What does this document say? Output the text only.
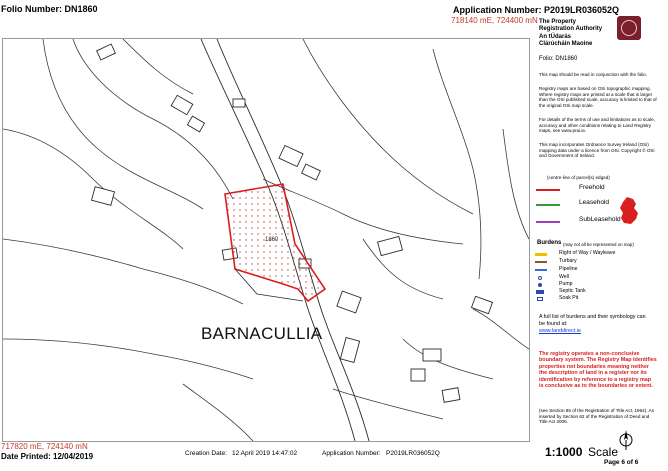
Folio Number: DN1860	Application Number: P2019LR036052Q
718140 mE, 724400 mN
1860
BARNACULLIA
The Property
Registration Authority
An tÚdarás
Clárúcháin Maoine
Folio: DN1860

This map should be read in conjunction with the folio.

Registry maps are based on OSi topographic mapping. Where registry maps are printed at a scale that is larger than the OSi published scale, accuracy is limited to that of the original OSi map scale.

For details of the terms of use and limitations as to scale, accuracy and other conditions relating to Land Registry maps, see www.prai.ie.

This map incorporates Ordnance Survey Ireland (OSi) mapping data under a licence from OSi. Copyright © OSi and Government of Ireland.

(centre-line of parcel(s) edged)

Freehold
Leasehold
SubLeasehold
Burdens (may not all be represented on map)
Right of Way / Wayleave
Turbary
Pipeline
Well
Pump
Septic Tank
Soak Pit

A full list of burdens and their symbology can be found at:

www.landdirect.ie

The registry operates a non-conclusive boundary system. The Registry Map identifies properties not boundaries meaning neither the description of land in a register nor its identification by reference to a registry map is conclusive as to the boundaries or extent.

(see Section 85 of the Registration of Title Act, 1964). As inserted by Section 62 of the Registration of Deed and Title Act 2006.

717820 mE, 724140 mN
Date Printed: 12/04/2019	Creation Date: 12 April 2019 14:47:02	Application Number: P2019LR036052Q	1:1000 Scale
Page 6 of 6
